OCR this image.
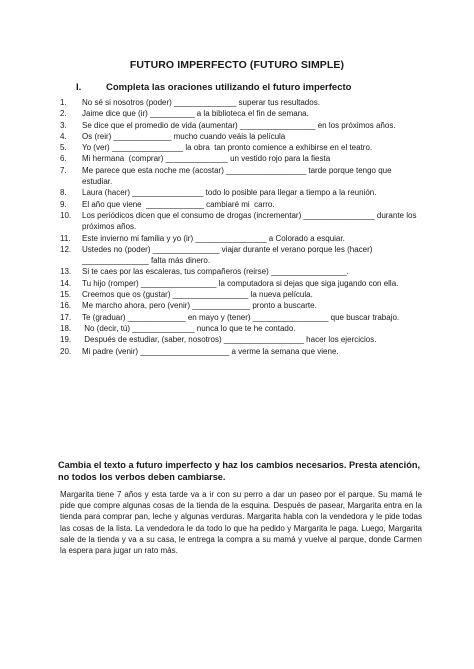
FUTURO IMPERFECTO (FUTURO SIMPLE)
I.	Completa las oraciones utilizando el futuro imperfecto
1.	No sé si nosotros (poder) ______________ superar tus resultados.
2.	Jaime dice que (ir) __________ a la biblioteca el fin de semana.
3.	Se dice que el promedio de vida (aumentar) _________________ en los próximos años.
4.	Os (reir) _____________ mucho cuando veáis la película
5.	Yo (ver) ________________ la obra  tan pronto comience a exhibirse en el teatro.
6.	Mi hermana  (comprar) ______________ un vestido rojo para la fiesta
7.	Me parece que esta noche me (acostar) __________________ tarde porque tengo que estudiar.
8.	Laura (hacer) ________________ todo lo posible para llegar a tiempo a la reunión.
9.	El año que viene  _____________ cambiaré mi  carro.
10.	Los periódicos dicen que el consumo de drogas (incrementar) ________________ durante los próximos años.
11.	Este invierno mi familia y yo (ir) ________________ a Colorado a esquiar.
12.	Ustedes no (poder) _______________ viajar durante el verano porque les (hacer) _______________ falta más dinero.
13.	Si te caes por las escaleras, tus compañeros (reirse) _________________.
14.	Tu hijo (romper) _________________ la computadora si dejas que siga jugando con ella.
15.	Creemos que os (gustar) _________________ la nueva película.
16.	Me marcho ahora, pero (venir) _____________ pronto a buscarte.
17.	Te (graduar) _____________ en mayo y (tener) _________________ que buscar trabajo.
18.	No (decir, tú) ______________ nunca lo que te he contado.
19.	Después de estudiar, (saber, nosotros) __________________ hacer los ejercicios.
20.	Mi padre (venir) ____________________ a verme la semana que viene.
Cambia el texto a futuro imperfecto y haz los cambios necesarios. Presta atención, no todos los verbos deben cambiarse.
Margarita tiene 7 años y esta tarde va a ir con su perro a dar un paseo por el parque. Su mamá le pide que compre algunas cosas de la tienda de la esquina. Después de pasear, Margarita entra en la tienda para comprar pan, leche y algunas verduras. Margarita habla con la vendedora y le pide todas las cosas de la lista. La vendedora le da todo lo que ha pedido y Margarita le paga. Luego, Margarita sale de la tienda y va a su casa, le entrega la compra a su mamá y vuelve al parque, donde Carmen la espera para jugar un rato más.
